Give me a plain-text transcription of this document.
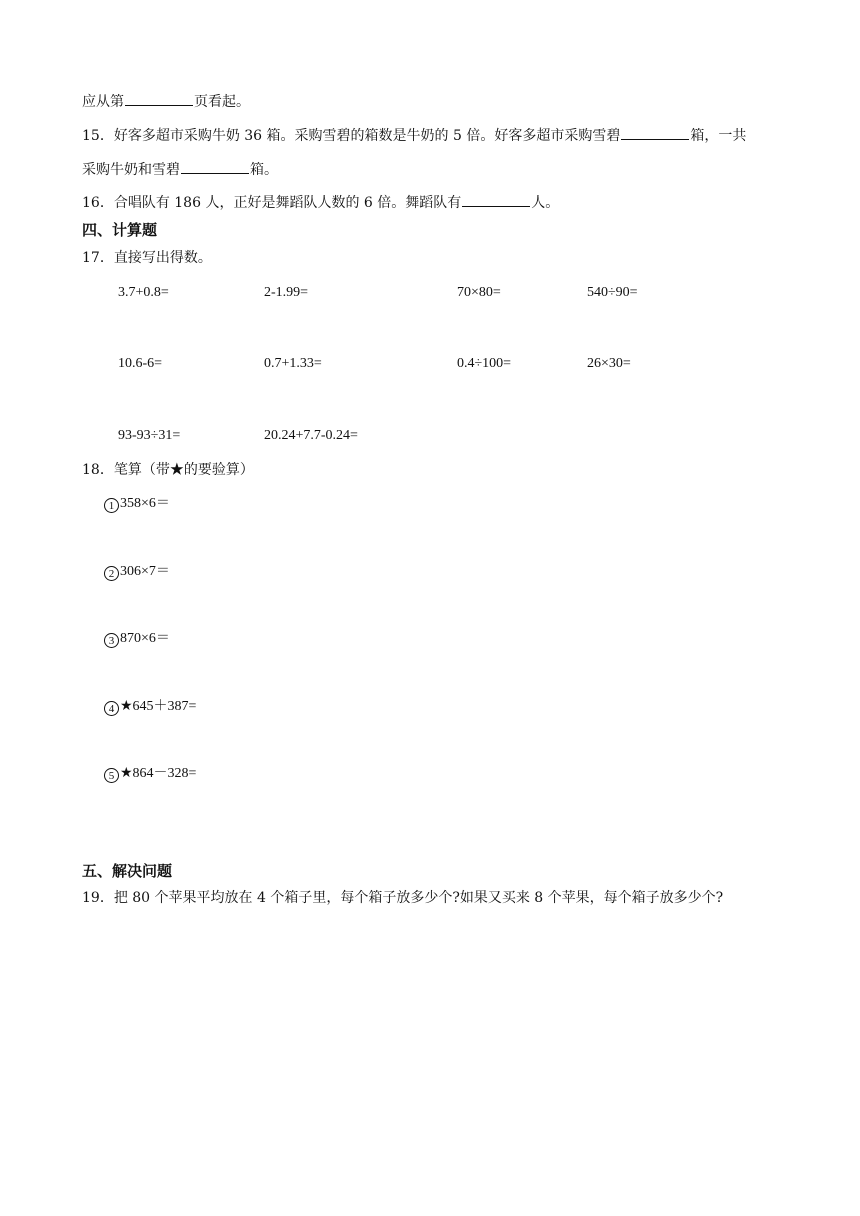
应从第	页看起。
15．好客多超市采购牛奶 36 箱。采购雪碧的箱数是牛奶的 5 倍。好客多超市采购雪碧	箱，一共
采购牛奶和雪碧	箱。
16．合唱队有 186 人，正好是舞蹈队人数的 6 倍。舞蹈队有	人。
四、计算题
17．直接写出得数。
3.7+0.8=	2-1.99=	70×80=	540÷90=
10.6-6=	0.7+1.33=	0.4÷100=	26×30=
93-93÷31=	20.24+7.7-0.24=
18．笔算（带★的要验算）
1 358×6＝
2 306×7＝
3 870×6＝
4 ★645＋387=
5 ★864－328=
五、解决问题
19．把 80 个苹果平均放在 4 个箱子里，每个箱子放多少个?如果又买来 8 个苹果，每个箱子放多少个?
